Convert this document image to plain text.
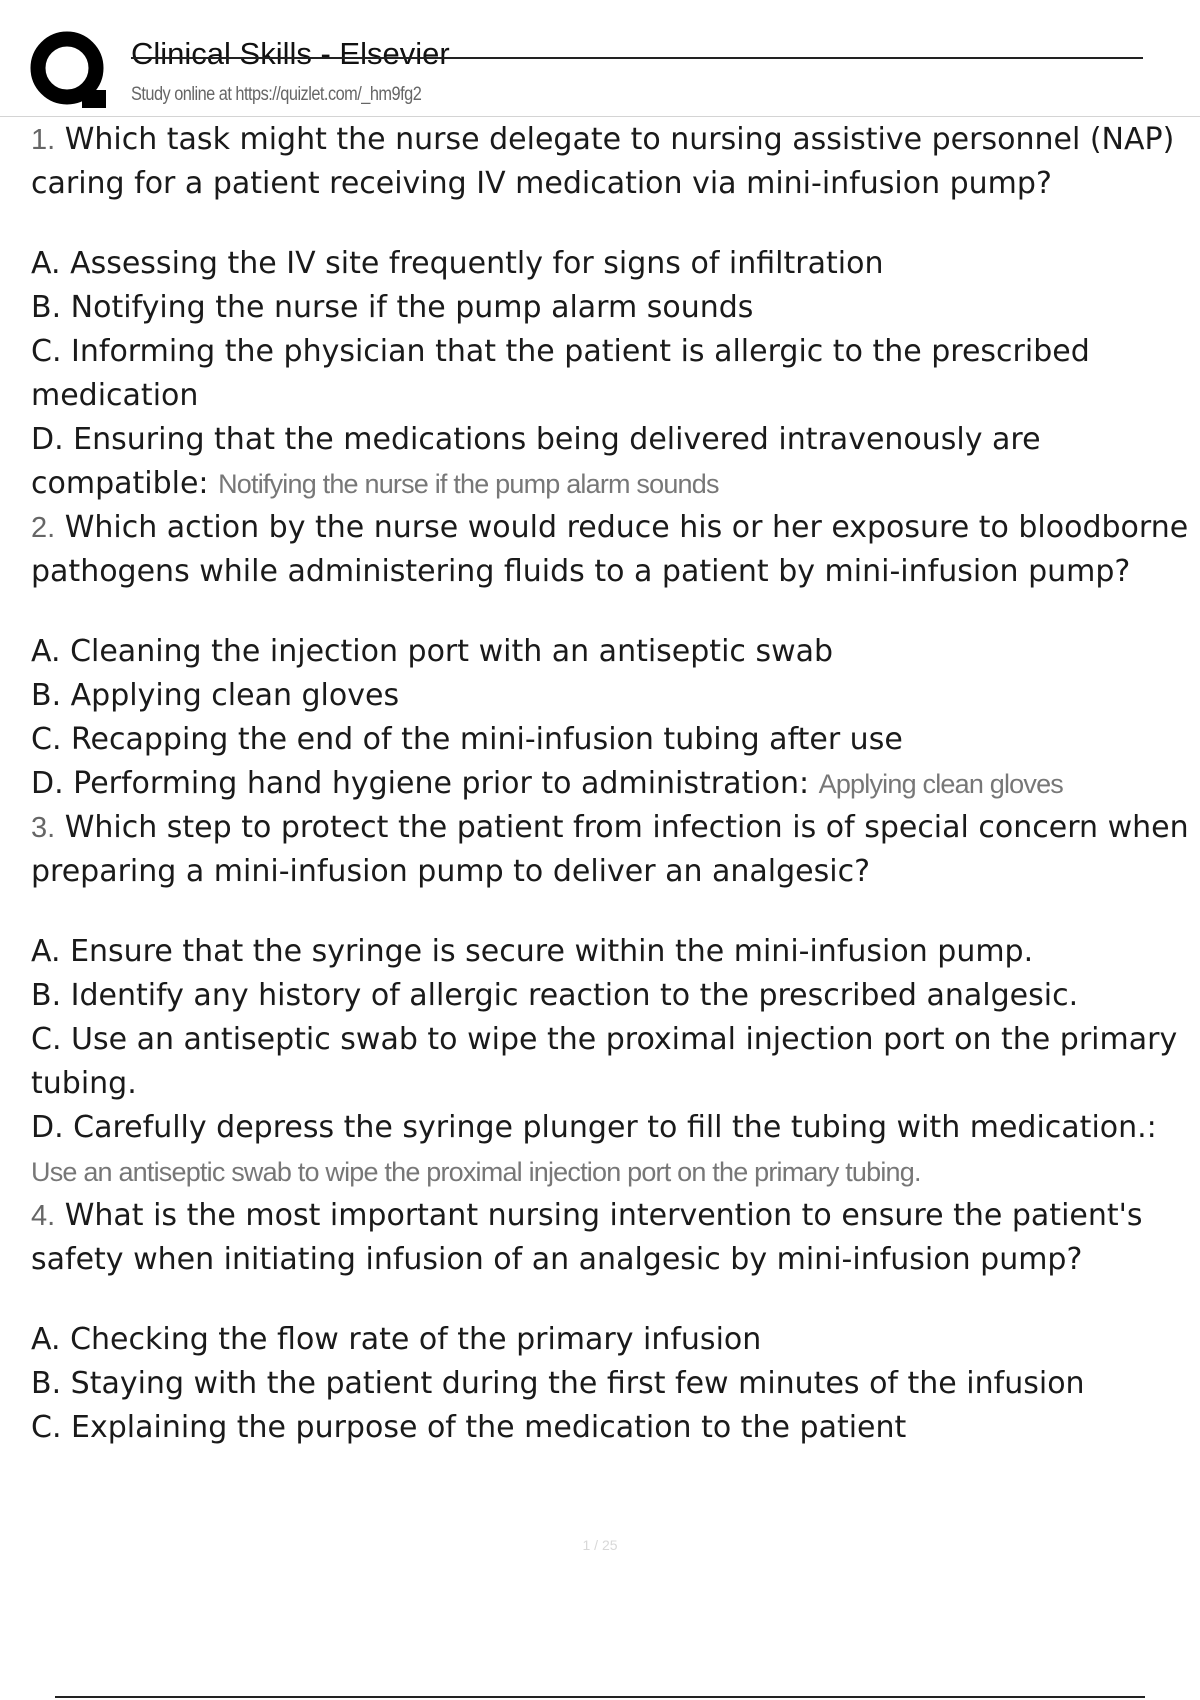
Clinical Skills - Elsevier
Study online at https://quizlet.com/_hm9fg2

1. Which task might the nurse delegate to nursing assistive personnel (NAP) caring for a patient receiving IV medication via mini-infusion pump?

A. Assessing the IV site frequently for signs of infiltration

B. Notifying the nurse if the pump alarm sounds

C. Informing the physician that the patient is allergic to the prescribed medication

D. Ensuring that the medications being delivered intravenously are compatible: Notifying the nurse if the pump alarm sounds

2. Which action by the nurse would reduce his or her exposure to bloodborne pathogens while administering fluids to a patient by mini-infusion pump?

A. Cleaning the injection port with an antiseptic swab

B. Applying clean gloves

C. Recapping the end of the mini-infusion tubing after use

D. Performing hand hygiene prior to administration: Applying clean gloves

3. Which step to protect the patient from infection is of special concern when preparing a mini-infusion pump to deliver an analgesic?

A. Ensure that the syringe is secure within the mini-infusion pump.

B. Identify any history of allergic reaction to the prescribed analgesic.

C. Use an antiseptic swab to wipe the proximal injection port on the primary tubing.

D. Carefully depress the syringe plunger to fill the tubing with medication.: Use an antiseptic swab to wipe the proximal injection port on the primary tubing.

4. What is the most important nursing intervention to ensure the patient's safety when initiating infusion of an analgesic by mini-infusion pump?

A. Checking the flow rate of the primary infusion

B. Staying with the patient during the first few minutes of the infusion

C. Explaining the purpose of the medication to the patient

1 / 25
